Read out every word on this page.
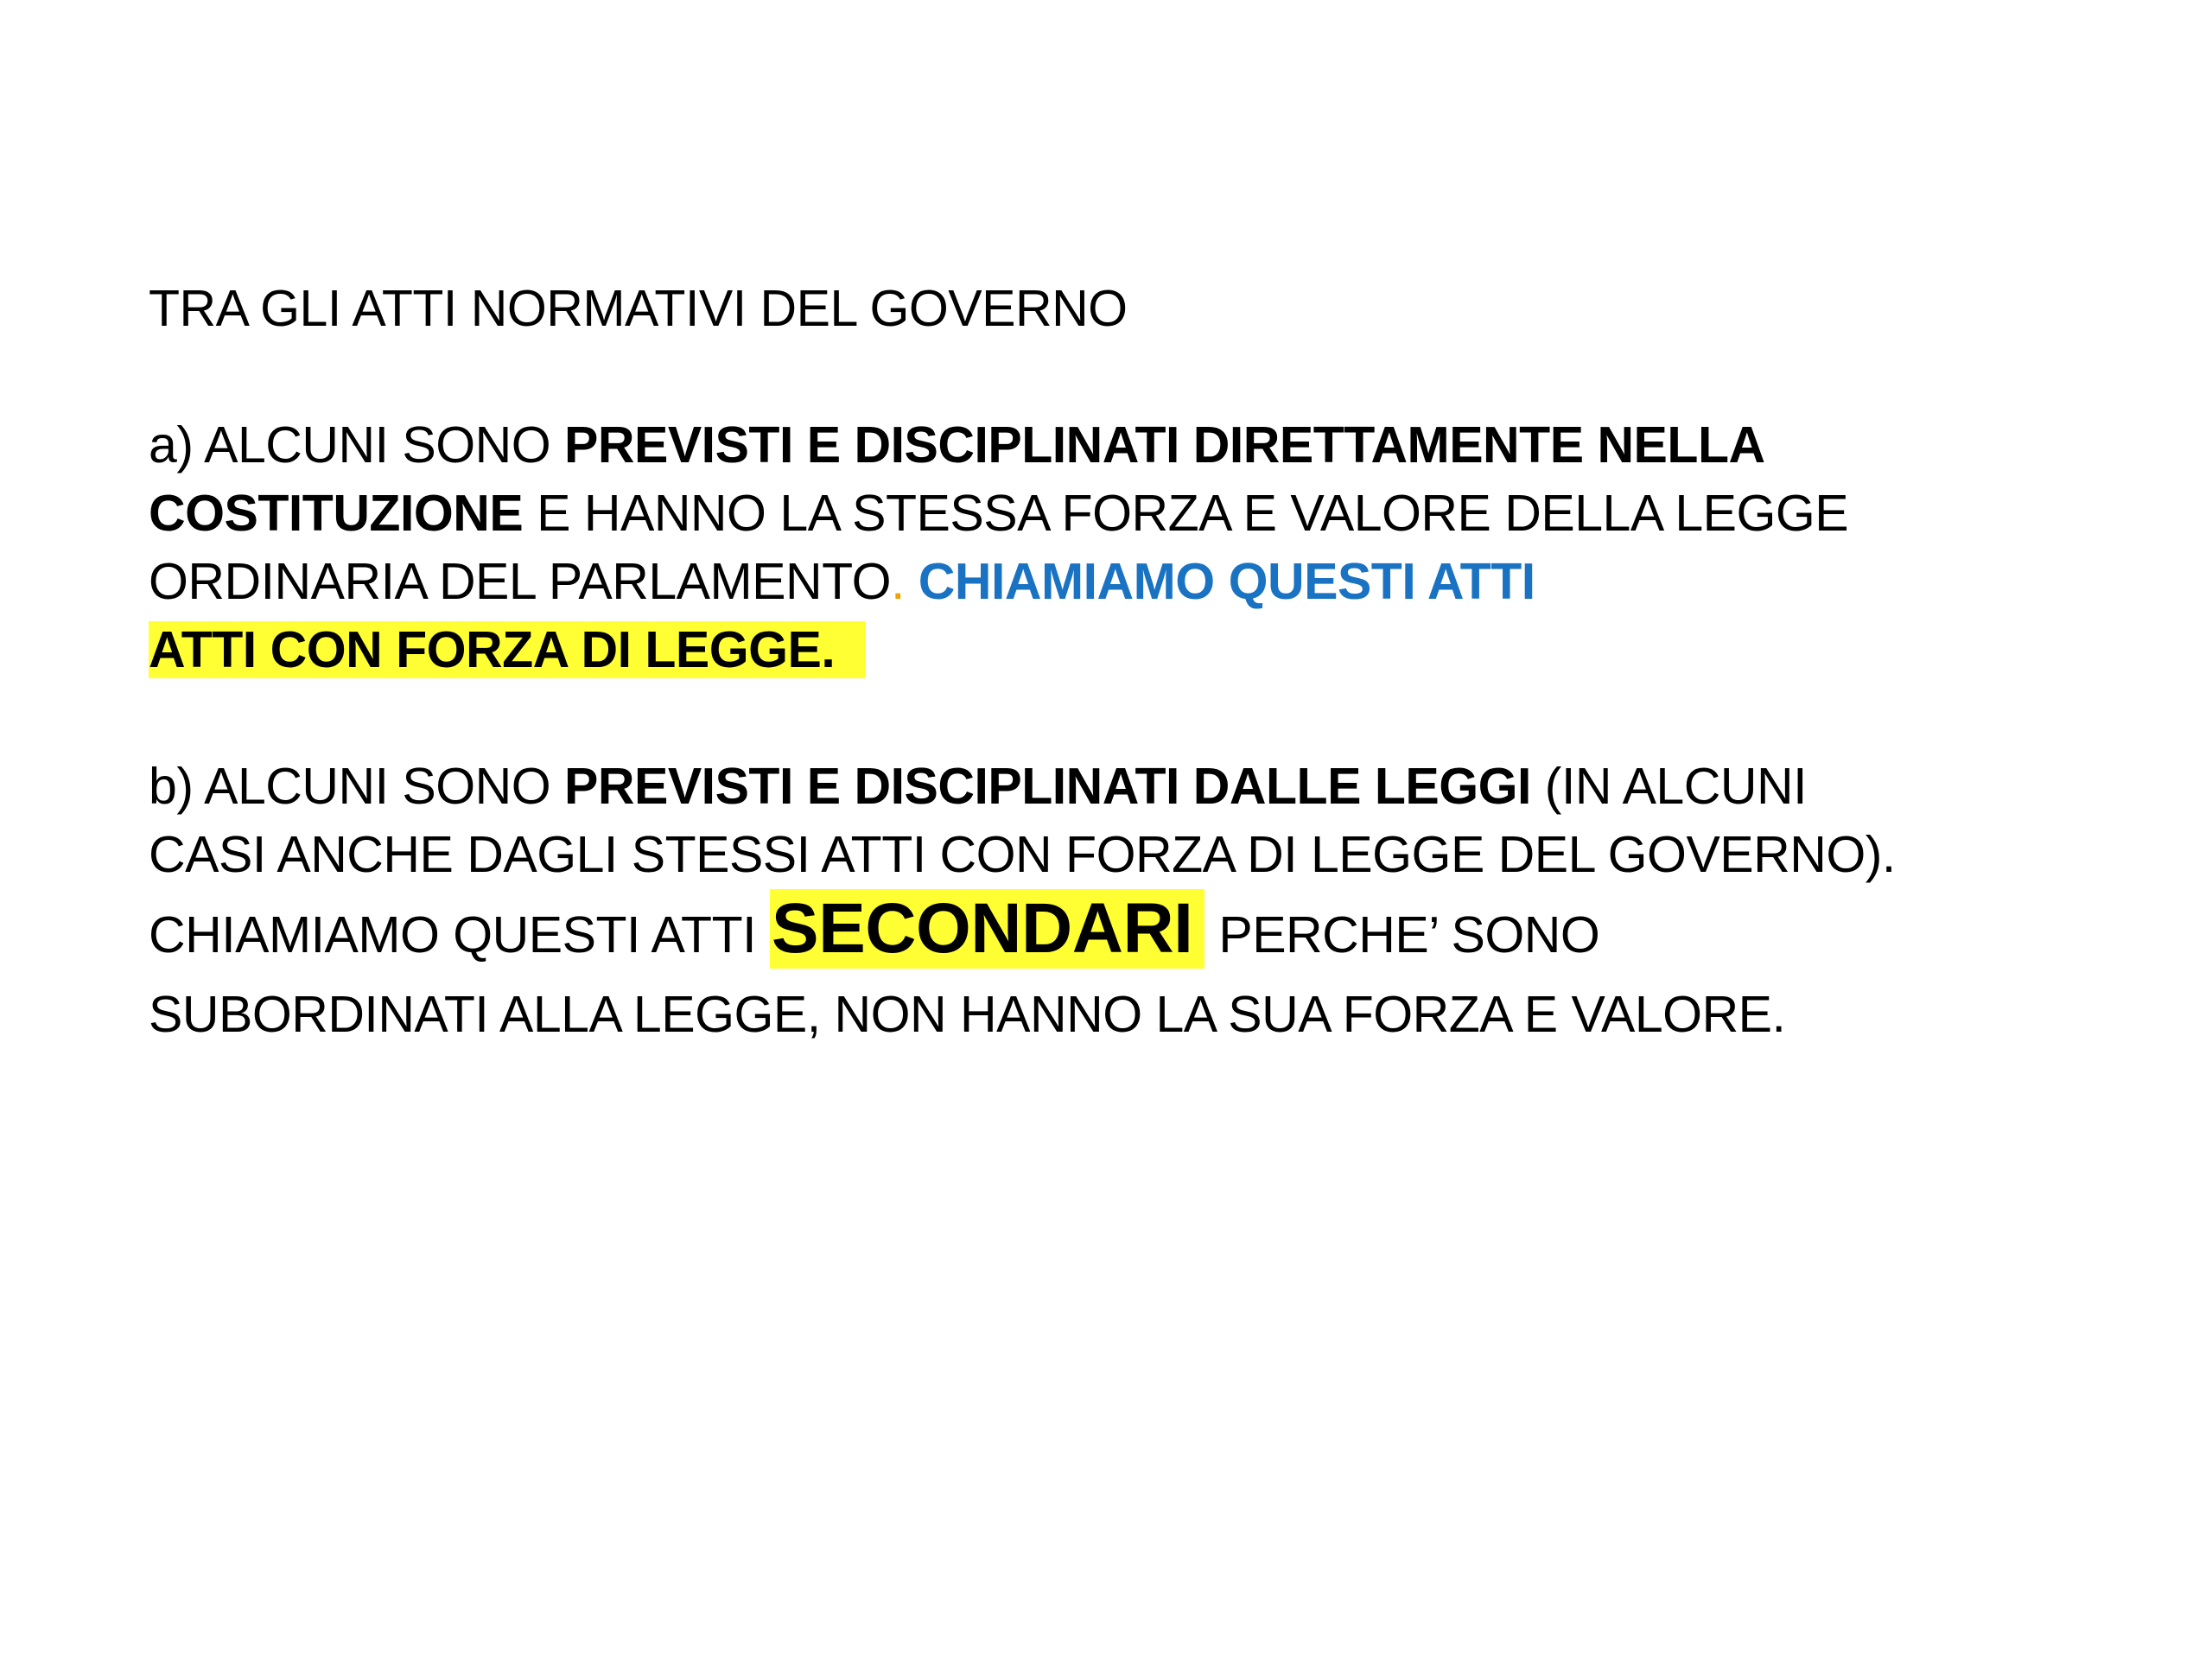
TRA GLI ATTI NORMATIVI DEL GOVERNO
a) ALCUNI SONO PREVISTI E DISCIPLINATI DIRETTAMENTE NELLA
COSTITUZIONE E HANNO LA STESSA FORZA E VALORE DELLA LEGGE
ORDINARIA DEL PARLAMENTO. CHIAMIAMO QUESTI ATTI
ATTI CON FORZA DI LEGGE.
b) ALCUNI SONO PREVISTI E DISCIPLINATI DALLE LEGGI (IN ALCUNI
CASI ANCHE DAGLI STESSI ATTI CON FORZA DI LEGGE DEL GOVERNO).
CHIAMIAMO QUESTI ATTI SECONDARI PERCHE’ SONO
SUBORDINATI ALLA LEGGE, NON HANNO LA SUA FORZA E VALORE.
